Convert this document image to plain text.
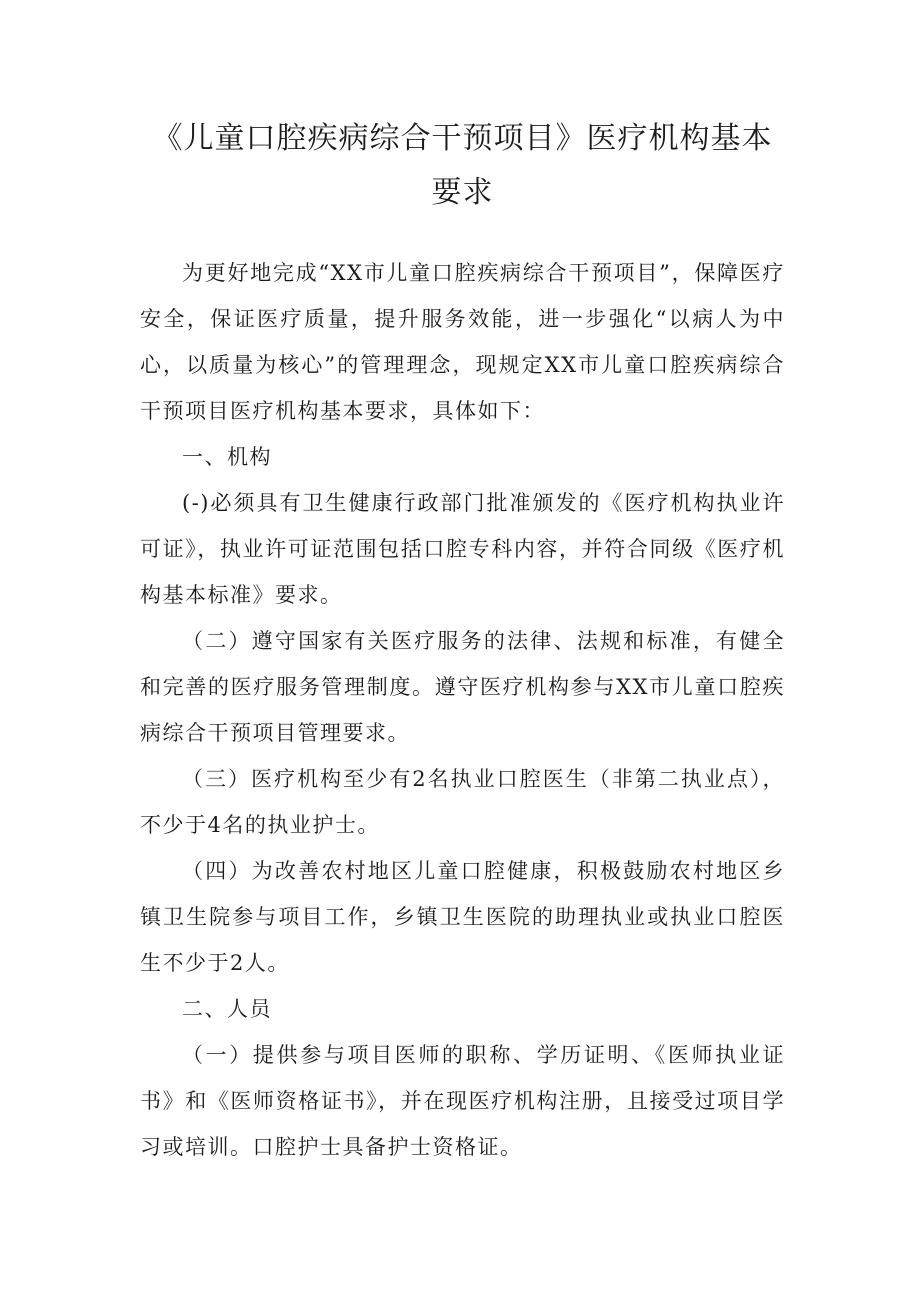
《儿童口腔疾病综合干预项目》医疗机构基本要求

为更好地完成“XX市儿童口腔疾病综合干预项目”，保障医疗安全，保证医疗质量，提升服务效能，进一步强化“以病人为中心，以质量为核心”的管理理念，现规定XX市儿童口腔疾病综合干预项目医疗机构基本要求，具体如下：

一、机构

(-)必须具有卫生健康行政部门批准颁发的《医疗机构执业许可证》，执业许可证范围包括口腔专科内容，并符合同级《医疗机构基本标准》要求。

（二）遵守国家有关医疗服务的法律、法规和标准，有健全和完善的医疗服务管理制度。遵守医疗机构参与XX市儿童口腔疾病综合干预项目管理要求。

（三）医疗机构至少有2名执业口腔医生（非第二执业点），不少于4名的执业护士。

（四）为改善农村地区儿童口腔健康，积极鼓励农村地区乡镇卫生院参与项目工作，乡镇卫生医院的助理执业或执业口腔医生不少于2人。

二、人员

（一）提供参与项目医师的职称、学历证明、《医师执业证书》和《医师资格证书》，并在现医疗机构注册，且接受过项目学习或培训。口腔护士具备护士资格证。
